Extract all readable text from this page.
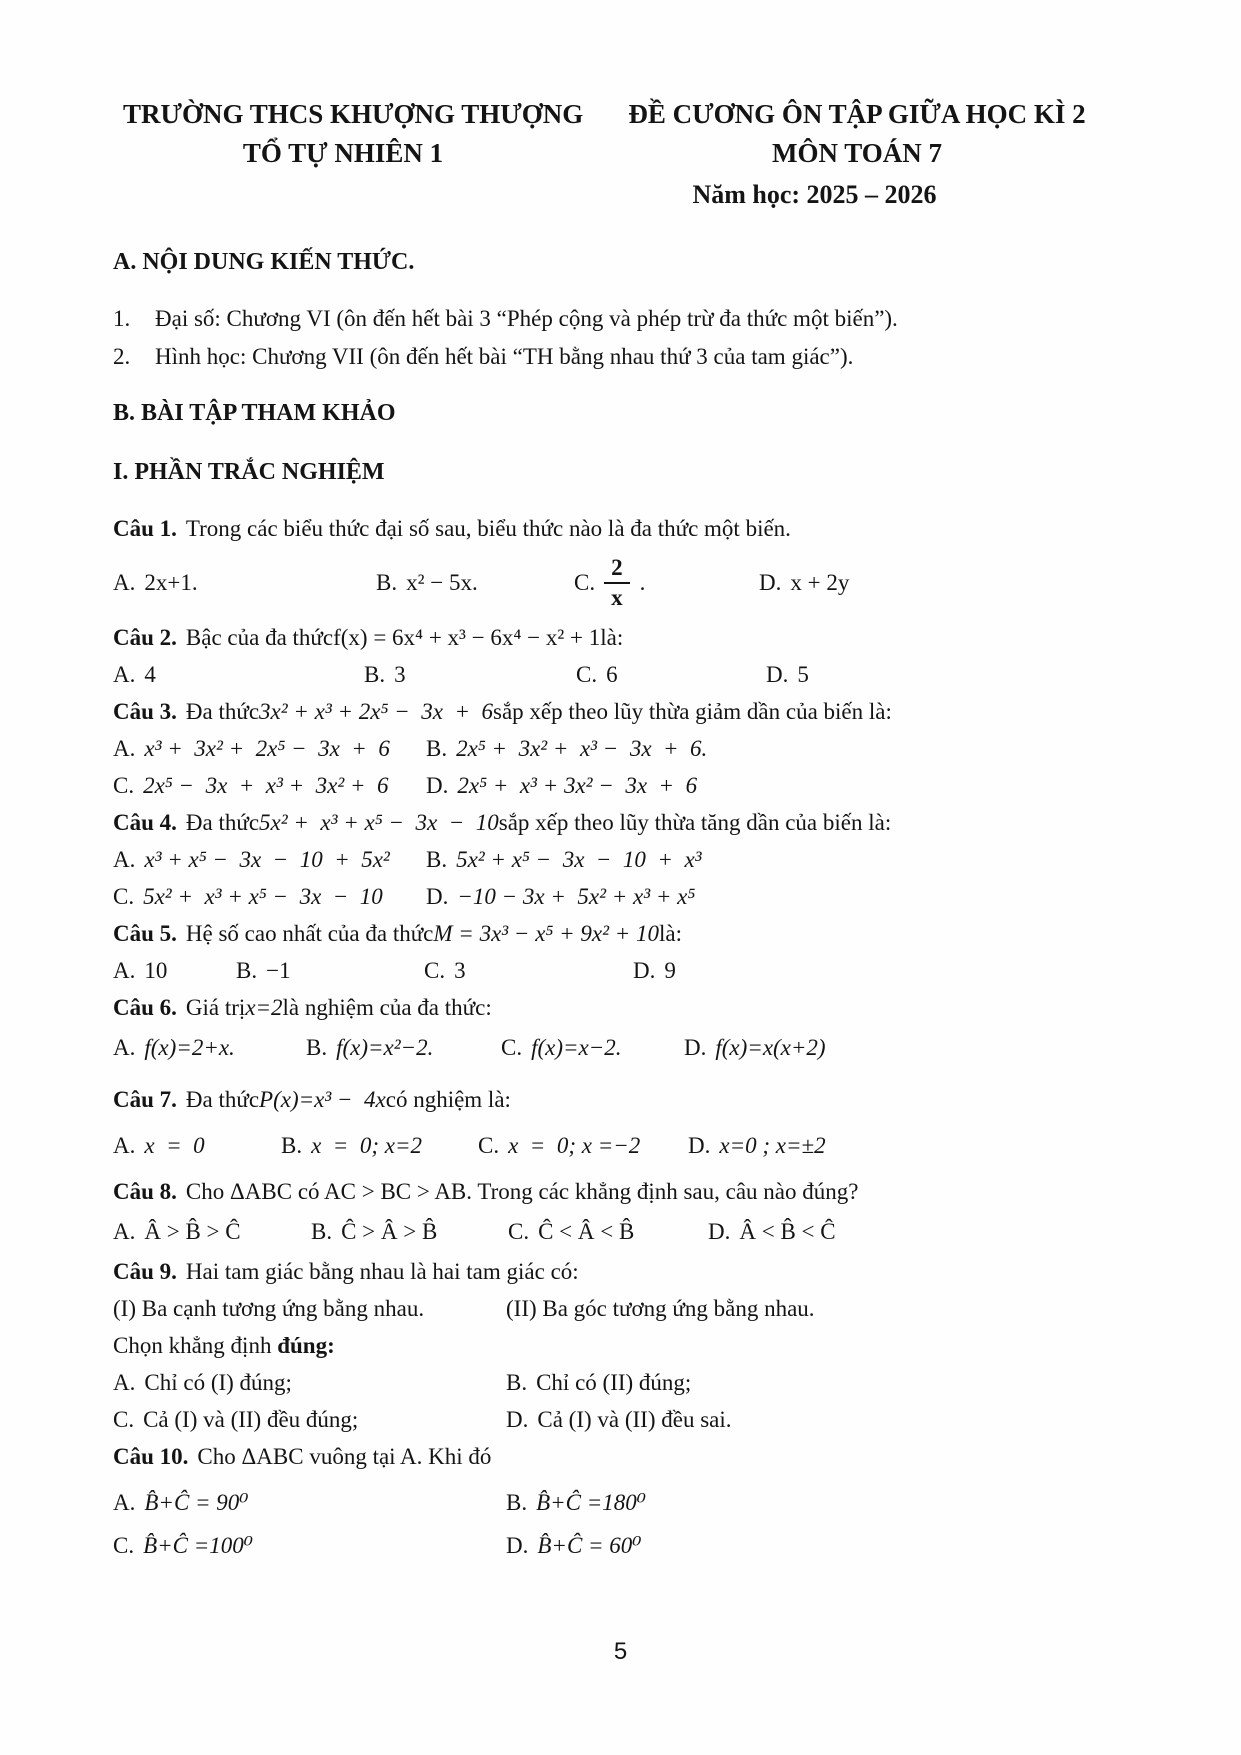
TRƯỜNG THCS KHƯỢNG THƯỢNG
TỔ TỰ NHIÊN 1
ĐỀ CƯƠNG ÔN TẬP GIỮA HỌC KÌ 2
MÔN TOÁN 7
Năm học: 2025 – 2026
A. NỘI DUNG KIẾN THỨC.
1.	Đại số: Chương VI (ôn đến hết bài 3 “Phép cộng và phép trừ đa thức một biến”).
2.	Hình học: Chương VII (ôn đến hết bài “TH bằng nhau thứ 3 của tam giác”).
B. BÀI TẬP THAM KHẢO
I. PHẦN TRẮC NGHIỆM
Câu 1. Trong các biểu thức đại số sau, biểu thức nào là đa thức một biến.
A. 2x+1.	B. x² − 5x.	C. $\frac{2}{x}$ .	D. x + 2y
Câu 2. Bậc của đa thức f(x) = 6x⁴ + x³ − 6x⁴ − x² + 1 là:
A. 4	B. 3	C. 6	D. 5
Câu 3. Đa thức 3x² + x³ + 2x⁵ −  3x  +  6 sắp xếp theo lũy thừa giảm dần của biến là:
A. x³ +  3x² +  2x⁵ −  3x  +  6 B. 2x⁵ +  3x² +  x³ −  3x  +  6.
C. 2x⁵ −  3x  +  x³ +  3x² +  6 D. 2x⁵ +  x³ + 3x² −  3x  +  6
Câu 4. Đa thức 5x² +  x³ + x⁵ −  3x  −  10 sắp xếp theo lũy thừa tăng dần của biến là:
A. x³ + x⁵ −  3x  −  10  +  5x² B. 5x² + x⁵ −  3x  −  10  +  x³
C. 5x² +  x³ + x⁵ −  3x  −  10 D. −10 − 3x +  5x² + x³ + x⁵
Câu 5. Hệ số cao nhất của đa thức M = 3x³ − x⁵ + 9x² + 10 là:
A. 10	B. −1	C. 3	D. 9
Câu 6. Giá trị x=2 là nghiệm của đa thức:
A. f(x)=2+x.	B. f(x)=x²−2.	C. f(x)=x−2.	D. f(x)=x(x+2)
Câu 7. Đa thức P(x)=x³ −  4x có nghiệm là:
A. x  =  0	B. x  =  0; x=2 C. x  =  0; x =−2 D. x=0 ; x=±2
Câu 8. Cho ΔABC có AC > BC > AB. Trong các khẳng định sau, câu nào đúng?
A. Â > B̂ > Ĉ	B. Ĉ > Â > B̂	C. Ĉ < Â < B̂	D. Â < B̂ < Ĉ
Câu 9. Hai tam giác bằng nhau là hai tam giác có:
(I) Ba cạnh tương ứng bằng nhau.	(II) Ba góc tương ứng bằng nhau.
Chọn khẳng định đúng:
A. Chỉ có (I) đúng;	B. Chỉ có (II) đúng;
C. Cả (I) và (II) đều đúng;	D. Cả (I) và (II) đều sai.
Câu 10. Cho ΔABC vuông tại A. Khi đó
A. B̂+Ĉ = 90⁰	B. B̂+Ĉ =180⁰
C. B̂+Ĉ =100⁰	D. B̂+Ĉ = 60⁰
5
